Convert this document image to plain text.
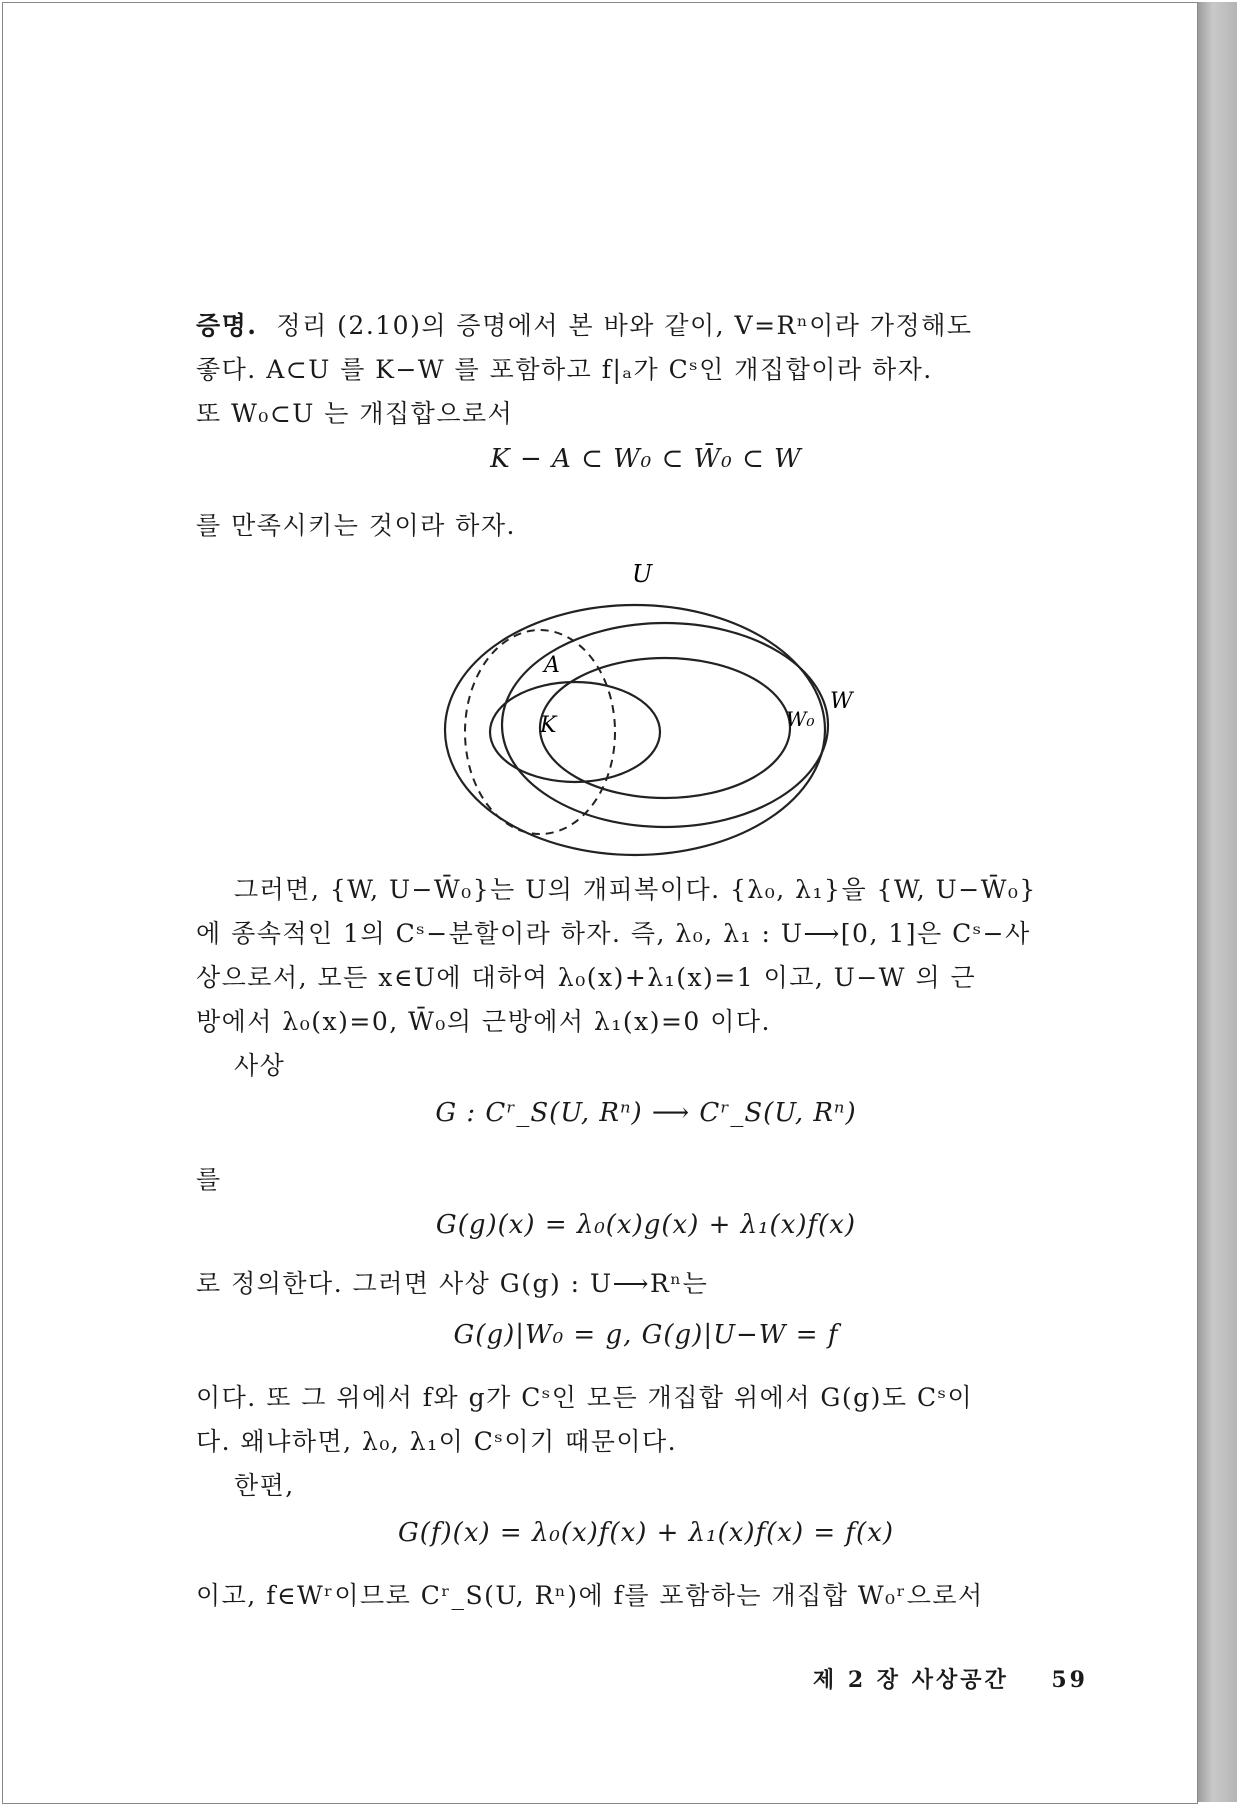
증명. 정리 (2.10)의 증명에서 본 바와 같이, V=Rⁿ이라 가정해도
좋다. A⊂U 를 K−W 를 포함하고 f|ₐ가 Cˢ인 개집합이라 하자.
또 W₀⊂U 는 개집합으로서
K − A ⊂ W₀ ⊂ W̄₀ ⊂ W
를 만족시키는 것이라 하자.
U
A
K	W₀
W
그러면, {W, U−W̄₀}는 U의 개피복이다. {λ₀, λ₁}을 {W, U−W̄₀}
에 종속적인 1의 Cˢ−분할이라 하자. 즉, λ₀, λ₁ : U⟶[0, 1]은 Cˢ−사
상으로서, 모든 x∈U에 대하여 λ₀(x)+λ₁(x)=1 이고, U−W 의 근
방에서 λ₀(x)=0, W̄₀의 근방에서 λ₁(x)=0 이다.
사상
G : Cʳ_S(U, Rⁿ) ⟶ Cʳ_S(U, Rⁿ)
를
G(g)(x) = λ₀(x)g(x) + λ₁(x)f(x)
로 정의한다. 그러면 사상 G(g) : U⟶Rⁿ는
G(g)|W₀ = g, G(g)|U−W = f
이다. 또 그 위에서 f와 g가 Cˢ인 모든 개집합 위에서 G(g)도 Cˢ이
다. 왜냐하면, λ₀, λ₁이 Cˢ이기 때문이다.
한편,
G(f)(x) = λ₀(x)f(x) + λ₁(x)f(x) = f(x)
이고, f∈Wʳ이므로 Cʳ_S(U, Rⁿ)에 f를 포함하는 개집합 W₀ʳ으로서
제 2 장 사상공간 59
